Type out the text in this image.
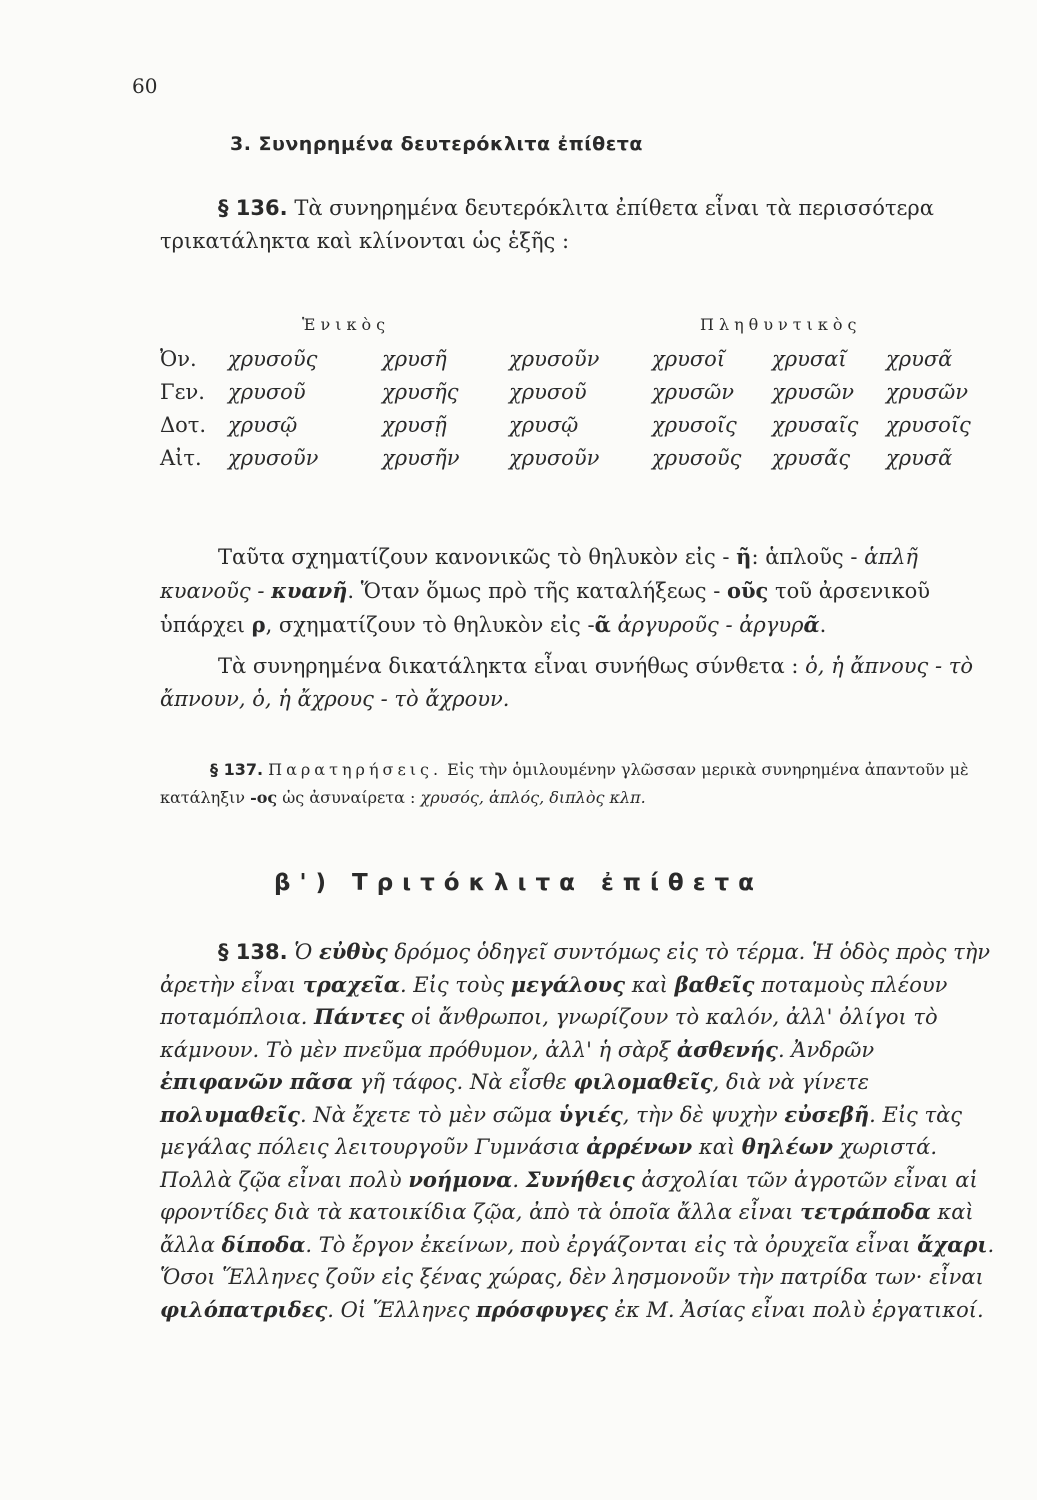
60
3. Συνηρημένα δευτερόκλιτα ἐπίθετα
§ 136. Τὰ συνηρημένα δευτερόκλιτα ἐπίθετα εἶναι τὰ περισσότερα τρικατάληκτα καὶ κλίνονται ὡς ἑξῆς :
Ἑνικὸς	Πληθυντικὸς
Ὀν.	χρυσοῦς	χρυσῆ	χρυσοῦν	χρυσοῖ	χρυσαῖ	χρυσᾶ
Γεν.	χρυσοῦ	χρυσῆς	χρυσοῦ	χρυσῶν	χρυσῶν	χρυσῶν
Δοτ.	χρυσῷ	χρυσῇ	χρυσῷ	χρυσοῖς	χρυσαῖς	χρυσοῖς
Αἰτ.	χρυσοῦν	χρυσῆν	χρυσοῦν	χρυσοῦς	χρυσᾶς	χρυσᾶ
Ταῦτα σχηματίζουν κανονικῶς τὸ θηλυκὸν εἰς - ῆ: ἁπλοῦς - ἁπλῆ κυανοῦς - κυανῆ. Ὅταν ὅμως πρὸ τῆς καταλήξεως - οῦς τοῦ ἀρσενικοῦ ὑπάρχει ρ, σχηματίζουν τὸ θηλυκὸν εἰς -ᾶ ἀργυροῦς - ἀργυρᾶ.
Τὰ συνηρημένα δικατάληκτα εἶναι συνήθως σύνθετα : ὁ, ἡ ἄπνους - τὸ ἄπνουν, ὁ, ἡ ἄχρους - τὸ ἄχρουν.
§ 137. Παρατηρήσεις. Εἰς τὴν ὁμιλουμένην γλῶσσαν μερικὰ συνηρημένα ἀπαντοῦν μὲ κατάληξιν -ος ὡς ἀσυναίρετα : χρυσός, ἁπλός, διπλὸς κλπ.
β') Τριτόκλιτα ἐπίθετα
§ 138. Ὁ εὐθὺς δρόμος ὁδηγεῖ συντόμως εἰς τὸ τέρμα. Ἡ ὁδὸς πρὸς τὴν ἀρετὴν εἶναι τραχεῖα. Εἰς τοὺς μεγάλους καὶ βαθεῖς ποταμοὺς πλέουν ποταμόπλοια. Πάντες οἱ ἄνθρωποι, γνωρίζουν τὸ καλόν, ἀλλ' ὀλίγοι τὸ κάμνουν. Τὸ μὲν πνεῦμα πρόθυμον, ἀλλ' ἡ σὰρξ ἀσθενής. Ἀνδρῶν ἐπιφανῶν πᾶσα γῆ τάφος. Νὰ εἶσθε φιλομαθεῖς, διὰ νὰ γίνετε πολυμαθεῖς. Νὰ ἔχετε τὸ μὲν σῶμα ὑγιές, τὴν δὲ ψυχὴν εὐσεβῆ. Εἰς τὰς μεγάλας πόλεις λειτουργοῦν Γυμνάσια ἀρρένων καὶ θηλέων χωριστά. Πολλὰ ζῷα εἶναι πολὺ νοήμονα. Συνήθεις ἀσχολίαι τῶν ἀγροτῶν εἶναι αἱ φροντίδες διὰ τὰ κατοικίδια ζῷα, ἀπὸ τὰ ὁποῖα ἄλλα εἶναι τετράποδα καὶ ἄλλα δίποδα. Τὸ ἔργον ἐκείνων, ποὺ ἐργάζονται εἰς τὰ ὀρυχεῖα εἶναι ἄχαρι. Ὅσοι Ἕλληνες ζοῦν εἰς ξένας χώρας, δὲν λησμονοῦν τὴν πατρίδα των· εἶναι φιλόπατριδες. Οἱ Ἕλληνες πρόσφυγες ἐκ Μ. Ἀσίας εἶναι πολὺ ἐργατικοί.
